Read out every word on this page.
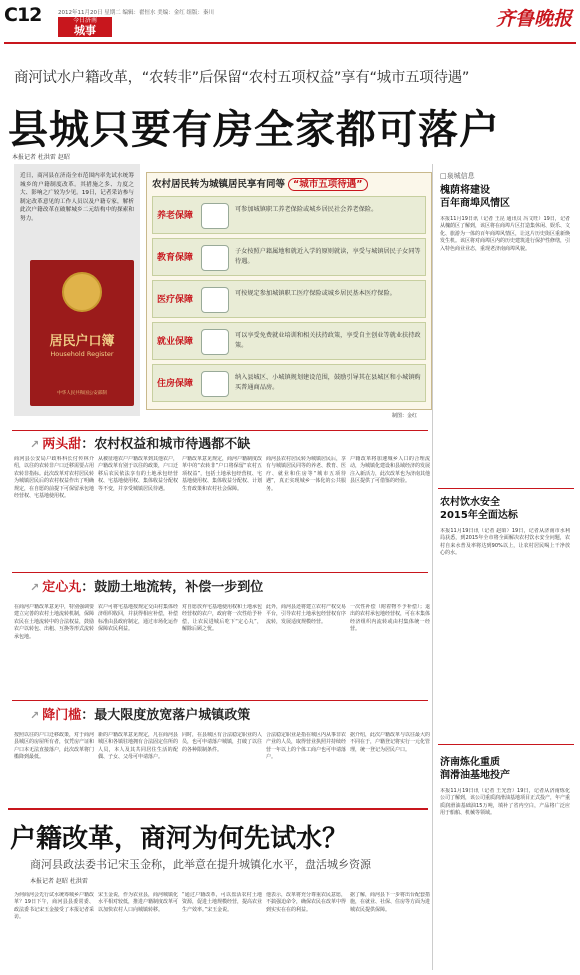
C12	2012年11月20日 星期二 编辑：翟恒水 美编：金红 组版：秦川
今日济南
城事
齐鲁晚报
商河试水户籍改革，“农转非”后保留“农村五项权益”享有“城市五项待遇”
县城只要有房全家都可落户
本报记者 杜洪雷 赵昭
近日，商河县在济南全市范围内率先试水统筹城乡的户籍制度改革。其措施之多、力度之大、影响之广较为少见。19日，记者采访参与制定改革意见的工作人员以及户籍专家，解析此次户籍改革在破解城乡二元结构中的探索和努力。
居民户口簿
Household Register
中华人民共和国公安部制
农村居民转为城镇居民享有同等 “城市五项待遇”
养老保障
可参加城镇职工养老保险或城乡居民社会养老保险。
教育保障
子女按照户籍属地和就近入学的原则就读，享受与城镇居民子女同等待遇。
医疗保障
可按规定参加城镇职工医疗保险或城乡居民基本医疗保险。
就业保障
可以享受免费就业培训和相关扶持政策，享受自主创业等就业扶持政策。
住房保障
纳入县城区、小城镇规划建设范围，鼓励引导其在县城区和小城镇购买普通商品房。
制图：金红
↗ 两头甜：农村权益和城市待遇都不缺
商河县公安局户政科科长付传林介绍，以往的农转非户口迁移需要占用农转非指标。此次改革对农村居民转为城镇居民后的农村权益作出了明确规定，在自愿的前提下可保留承包地经营权、宅基地使用权。
从被征地农户户籍改革到其他农户，户籍改革有别于以往的政策，户口迁移后农民依法享有的土地承包经营权、宅基地使用权、集体收益分配权等不变，并享受城镇居民待遇。
户籍改革意见规定，商河户籍制度改革中的“农转非”户口将保留“农村五项权益”，包括土地承包经营权、宅基地使用权、集体收益分配权、计划生育政策和农村社会保障。
商河县农村居民转为城镇居民后，享有与城镇居民同等的养老、教育、医疗、就业和住房等“城市五项待遇”，真正实现城乡一体化的公共服务。
户籍改革将加速城乡人口的合理流动，为城镇化建设和县域经济的发展注入新活力，此次改革也为济南其他县区提供了可借鉴的经验。
↗ 定心丸：鼓励土地流转，补偿一步到位
在商河户籍改革意见中，特别强调要建立完善的农村土地流转机制，保障农民在土地流转中的合法权益，鼓励农户以转包、出租、互换等形式流转承包地。
农户可将宅基地按规定交由村集体经济组织收回，并获得相应补偿，补偿标准由县政府制定，通过市场化运作保障农民利益。
对自愿放弃宅基地使用权和土地承包经营权的农户，政府将一次性给予补偿，让农民进城后吃下“定心丸”，解除后顾之忧。
此外，商河县还将建立农村产权交易平台，引导农村土地承包经营权有序流转，发展适度规模经营。
一次性补偿（附着物不予补偿）；退出的农村承包地经营权，可在本集体经济组织内流转或由村集体统一经营。
↗ 降门槛：最大限度放宽落户城镇政策
按照以往的户口迁移政策，对于商河县城区的房屋所有者，仅凭房产证和户口本无法直接落户，此次改革将门槛降到最低。
新的户籍改革意见规定，凡在商河县城区和各镇驻地拥有合法固定住所的人员，本人及其共同居住生活的配偶、子女、父母可申请落户。
同时，在县城区有合法稳定职业的人员，也可申请落户城镇，打破了以往的各种限制条件。
合法稳定职业是指在城区内从事非农产业的人员，取得营业执照并持续经营一年以上的个体工商户也可申请落户。
据介绍，此次户籍改革与以往最大的不同在于，户籍登记将实行一元化管理，统一登记为居民户口。
户籍改革，商河为何先试水？
商河县政法委书记宋玉金称，此举意在提升城镇化水平，盘活城乡资源
本报记者 赵昭 杜洪雷
为何商河会先行试水统筹城乡户籍改革？19日下午，商河县县委常委、政法委书记宋玉金接受了本报记者采访。
宋玉金说，作为农业县，商河城镇化水平相对较低，推进户籍制度改革可以加快农村人口向城镇转移。
“通过户籍改革，可以盘活农村土地资源，促进土地规模经营，提高农业生产效率。”宋玉金说。
他表示，改革将充分尊重农民意愿，不搞强迫命令，确保农民在改革中得到实实在在的利益。
据了解，商河县下一步将出台配套措施，在就业、社保、住房等方面为进城农民提供保障。
□泉城信息
槐荫将建设
百年商埠风情区
本报11月19日讯（记者 王昆 通讯员 冯文旺）19日，记者从槐荫区了解到，该区将在商埠片区打造集休闲、娱乐、文化、旅游为一体的百年商埠风情区，让这片历史街区重新焕发生机。该区将对商埠区内的历史建筑进行保护性修缮，引入特色商业业态，重现老济南商埠风貌。
农村饮水安全
2015年全面达标
本报11月19日讯（记者 赵昭）19日，记者从济南市水利局获悉，到2015年全市将全面解决农村饮水安全问题，农村自来水普及率将达到90%以上，让农村居民喝上干净放心的水。
济南炼化重质
润滑油基地投产
本报11月19日讯（记者 王光营）19日，记者从济南炼化公司了解到，该公司重质润滑油基地项目正式投产，年产重质润滑油基础油15万吨，填补了省内空白，产品将广泛应用于船舶、机械等领域。
